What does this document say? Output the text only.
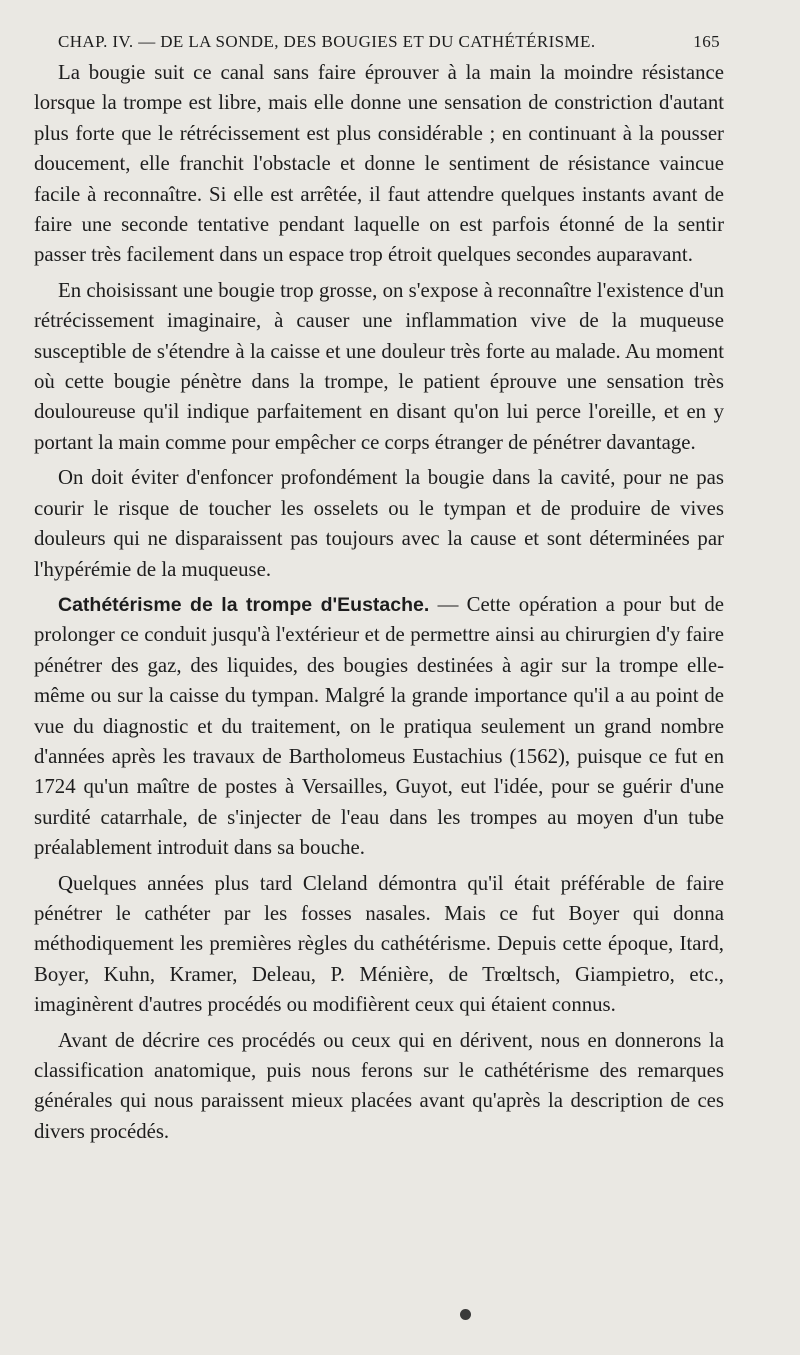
CHAP. IV. — DE LA SONDE, DES BOUGIES ET DU CATHÉTÉRISME.	165

La bougie suit ce canal sans faire éprouver à la main la moindre résistance lorsque la trompe est libre, mais elle donne une sensation de constriction d'autant plus forte que le rétrécissement est plus considérable ; en continuant à la pousser doucement, elle franchit l'obstacle et donne le sentiment de résistance vaincue facile à reconnaître. Si elle est arrêtée, il faut attendre quelques instants avant de faire une seconde tentative pendant laquelle on est parfois étonné de la sentir passer très facilement dans un espace trop étroit quelques secondes auparavant.

En choisissant une bougie trop grosse, on s'expose à reconnaître l'existence d'un rétrécissement imaginaire, à causer une inflammation vive de la muqueuse susceptible de s'étendre à la caisse et une douleur très forte au malade. Au moment où cette bougie pénètre dans la trompe, le patient éprouve une sensation très douloureuse qu'il indique parfaitement en disant qu'on lui perce l'oreille, et en y portant la main comme pour empêcher ce corps étranger de pénétrer davantage.

On doit éviter d'enfoncer profondément la bougie dans la cavité, pour ne pas courir le risque de toucher les osselets ou le tympan et de produire de vives douleurs qui ne disparaissent pas toujours avec la cause et sont déterminées par l'hypérémie de la muqueuse.

Cathétérisme de la trompe d'Eustache. — Cette opération a pour but de prolonger ce conduit jusqu'à l'extérieur et de permettre ainsi au chirurgien d'y faire pénétrer des gaz, des liquides, des bougies destinées à agir sur la trompe elle-même ou sur la caisse du tympan. Malgré la grande importance qu'il a au point de vue du diagnostic et du traitement, on le pratiqua seulement un grand nombre d'années après les travaux de Bartholomeus Eustachius (1562), puisque ce fut en 1724 qu'un maître de postes à Versailles, Guyot, eut l'idée, pour se guérir d'une surdité catarrhale, de s'injecter de l'eau dans les trompes au moyen d'un tube préalablement introduit dans sa bouche.

Quelques années plus tard Cleland démontra qu'il était préférable de faire pénétrer le cathéter par les fosses nasales. Mais ce fut Boyer qui donna méthodiquement les premières règles du cathétérisme. Depuis cette époque, Itard, Boyer, Kuhn, Kramer, Deleau, P. Ménière, de Trœltsch, Giampietro, etc., imaginèrent d'autres procédés ou modifièrent ceux qui étaient connus.

Avant de décrire ces procédés ou ceux qui en dérivent, nous en donnerons la classification anatomique, puis nous ferons sur le cathétérisme des remarques générales qui nous paraissent mieux placées avant qu'après la description de ces divers procédés.
